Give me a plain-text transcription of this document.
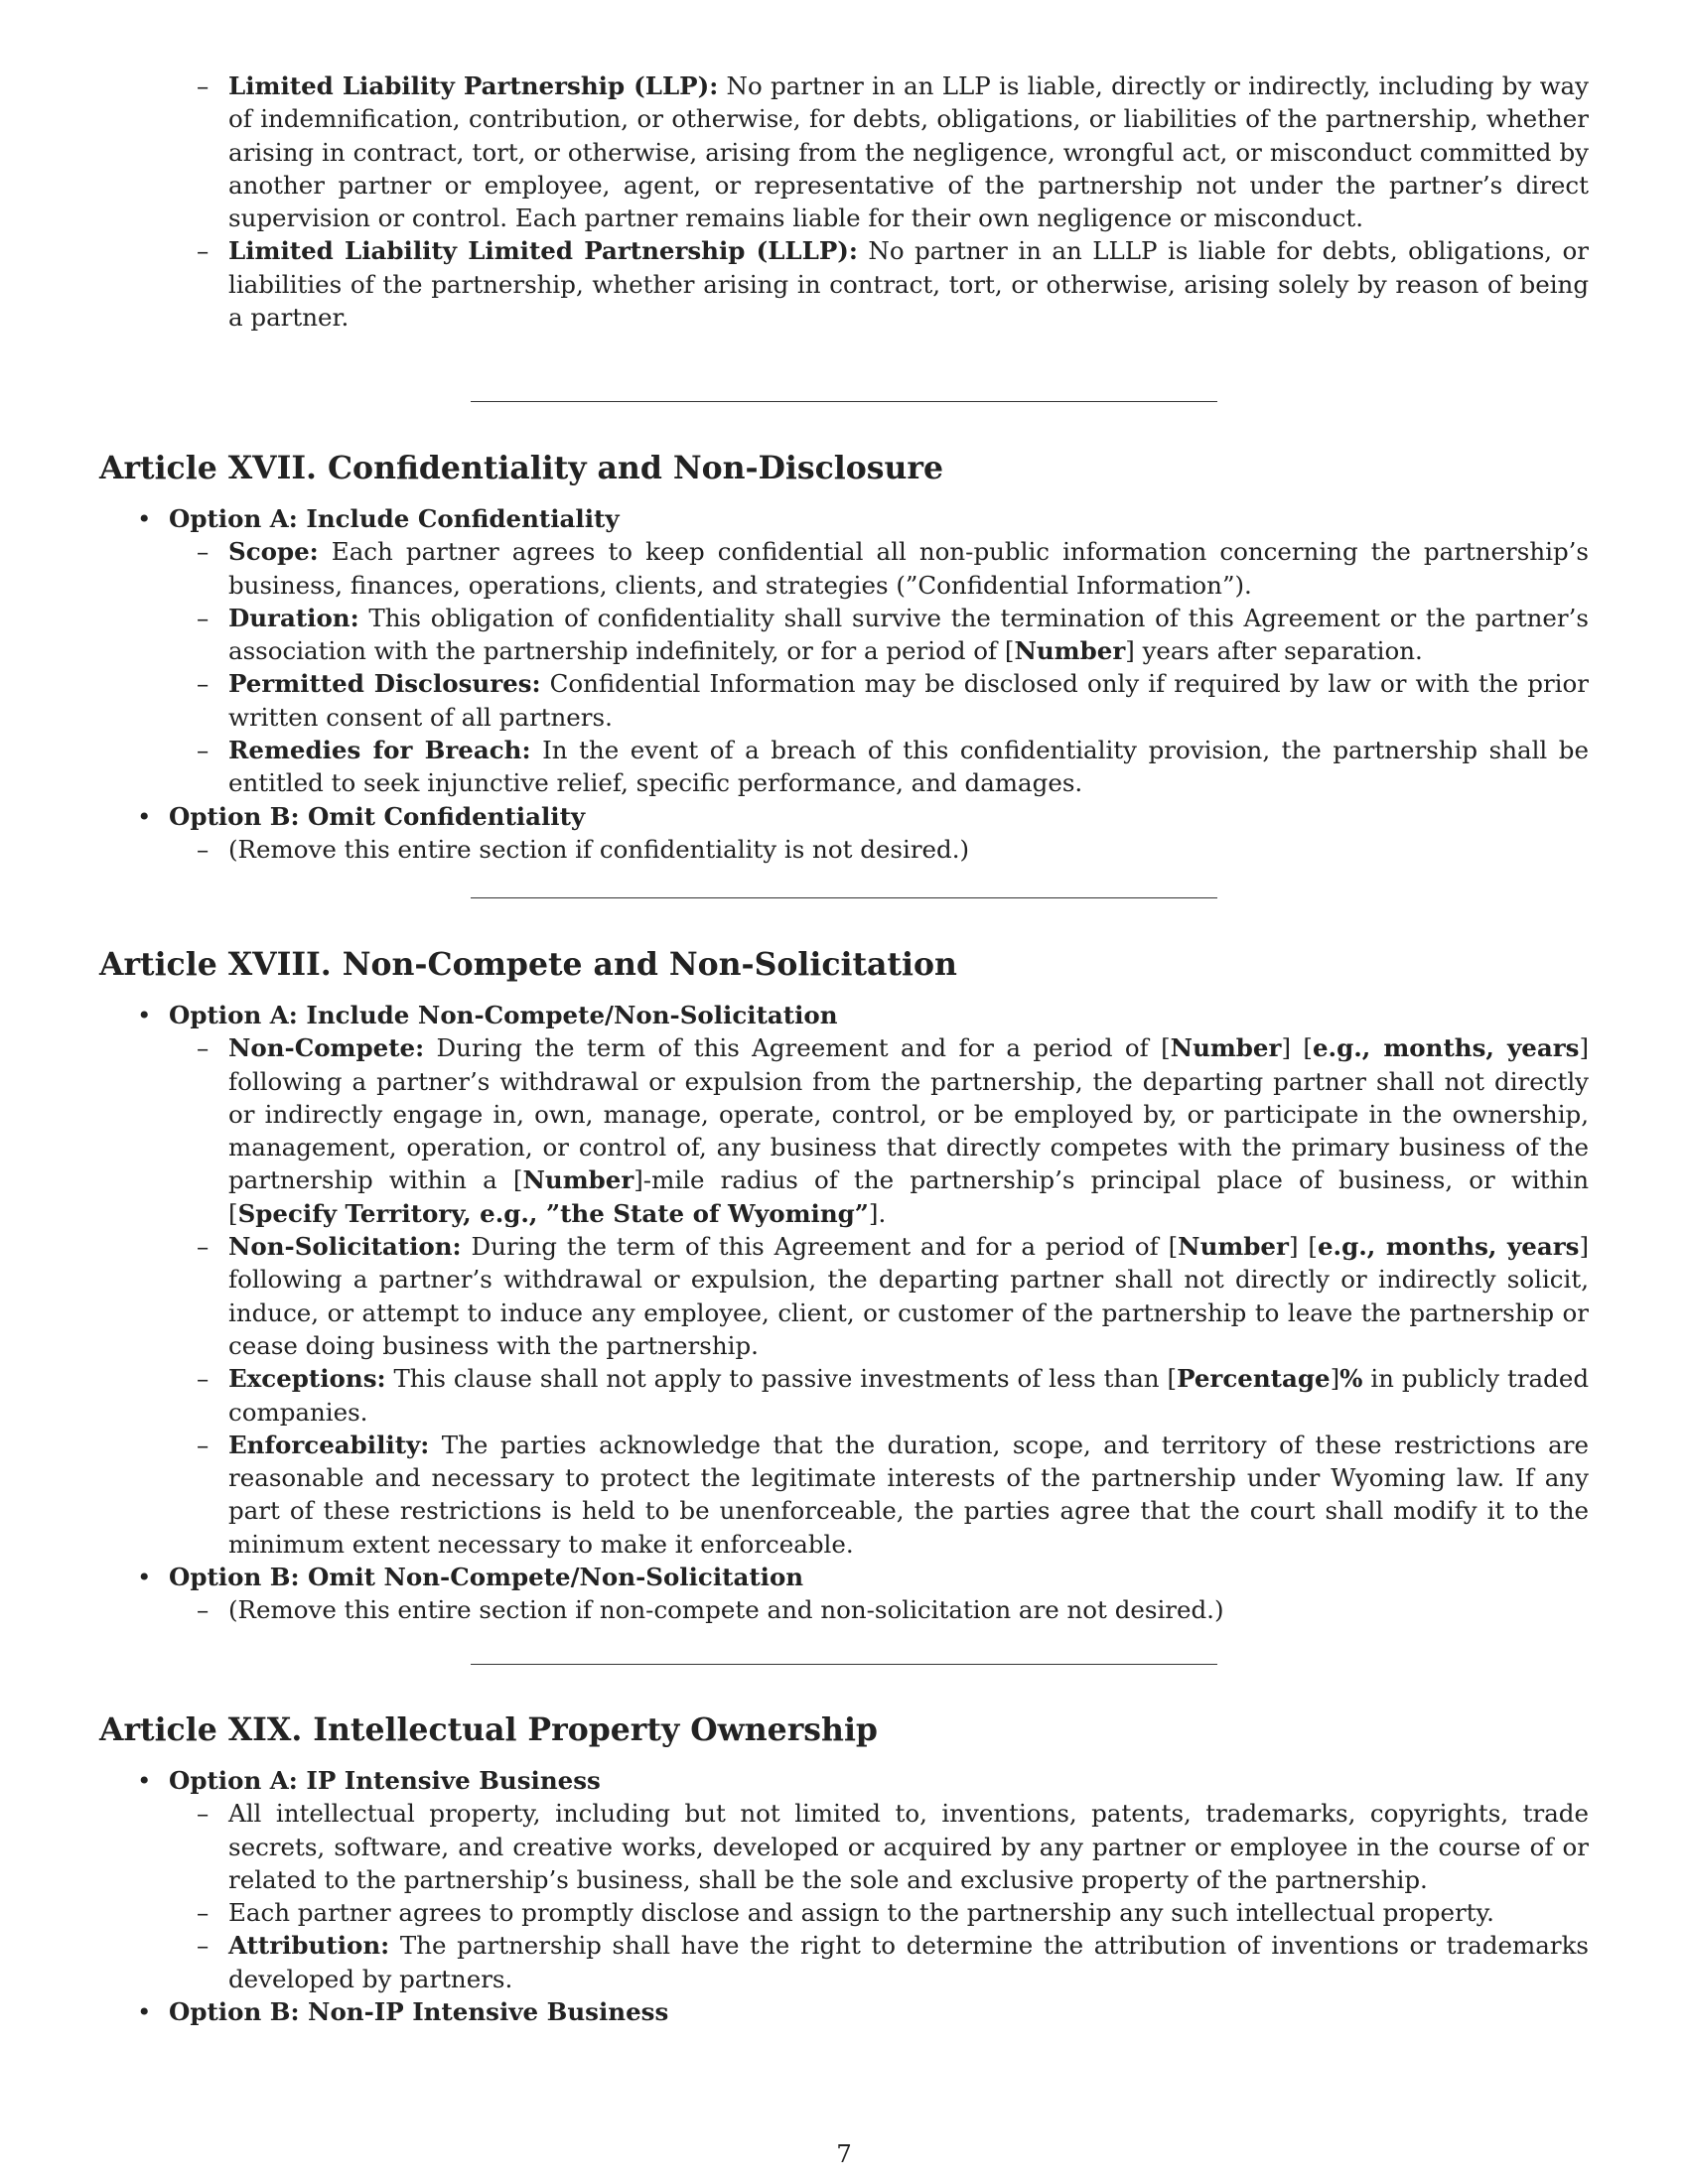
– Limited Liability Partnership (LLP): No partner in an LLP is liable, directly or indirectly, including by way of indemnification, contribution, or otherwise, for debts, obligations, or liabilities of the partnership, whether arising in contract, tort, or otherwise, arising from the negligence, wrongful act, or misconduct committed by another partner or employee, agent, or representative of the partnership not under the partner’s direct supervision or control. Each partner remains liable for their own negligence or misconduct.

– Limited Liability Limited Partnership (LLLP): No partner in an LLLP is liable for debts, obligations, or liabilities of the partnership, whether arising in contract, tort, or otherwise, arising solely by reason of being a partner.

Article XVII. Confidentiality and Non-Disclosure
• Option A: Include Confidentiality

– Scope: Each partner agrees to keep confidential all non-public information concerning the partnership’s business, finances, operations, clients, and strategies (”Confidential Information”).

– Duration: This obligation of confidentiality shall survive the termination of this Agreement or the partner’s association with the partnership indefinitely, or for a period of [Number] years after separation.

– Permitted Disclosures: Confidential Information may be disclosed only if required by law or with the prior written consent of all partners.

– Remedies for Breach: In the event of a breach of this confidentiality provision, the partnership shall be entitled to seek injunctive relief, specific performance, and damages.

• Option B: Omit Confidentiality

– (Remove this entire section if confidentiality is not desired.)

Article XVIII. Non-Compete and Non-Solicitation
• Option A: Include Non-Compete/Non-Solicitation

– Non-Compete: During the term of this Agreement and for a period of [Number] [e.g., months, years] following a partner’s withdrawal or expulsion from the partnership, the departing partner shall not directly or indirectly engage in, own, manage, operate, control, or be employed by, or participate in the ownership, management, operation, or control of, any business that directly competes with the primary business of the partnership within a [Number]-mile radius of the partnership’s principal place of business, or within [Specify Territory, e.g., ”the State of Wyoming”].

– Non-Solicitation: During the term of this Agreement and for a period of [Number] [e.g., months, years] following a partner’s withdrawal or expulsion, the departing partner shall not directly or indirectly solicit, induce, or attempt to induce any employee, client, or customer of the partnership to leave the partnership or cease doing business with the partnership.

– Exceptions: This clause shall not apply to passive investments of less than [Percentage]% in publicly traded companies.

– Enforceability: The parties acknowledge that the duration, scope, and territory of these restrictions are reasonable and necessary to protect the legitimate interests of the partnership under Wyoming law. If any part of these restrictions is held to be unenforceable, the parties agree that the court shall modify it to the minimum extent necessary to make it enforceable.

• Option B: Omit Non-Compete/Non-Solicitation

– (Remove this entire section if non-compete and non-solicitation are not desired.)

Article XIX. Intellectual Property Ownership
• Option A: IP Intensive Business

– All intellectual property, including but not limited to, inventions, patents, trademarks, copyrights, trade secrets, software, and creative works, developed or acquired by any partner or employee in the course of or related to the partnership’s business, shall be the sole and exclusive property of the partnership.

– Each partner agrees to promptly disclose and assign to the partnership any such intellectual property.

– Attribution: The partnership shall have the right to determine the attribution of inventions or trademarks developed by partners.

• Option B: Non-IP Intensive Business
7
